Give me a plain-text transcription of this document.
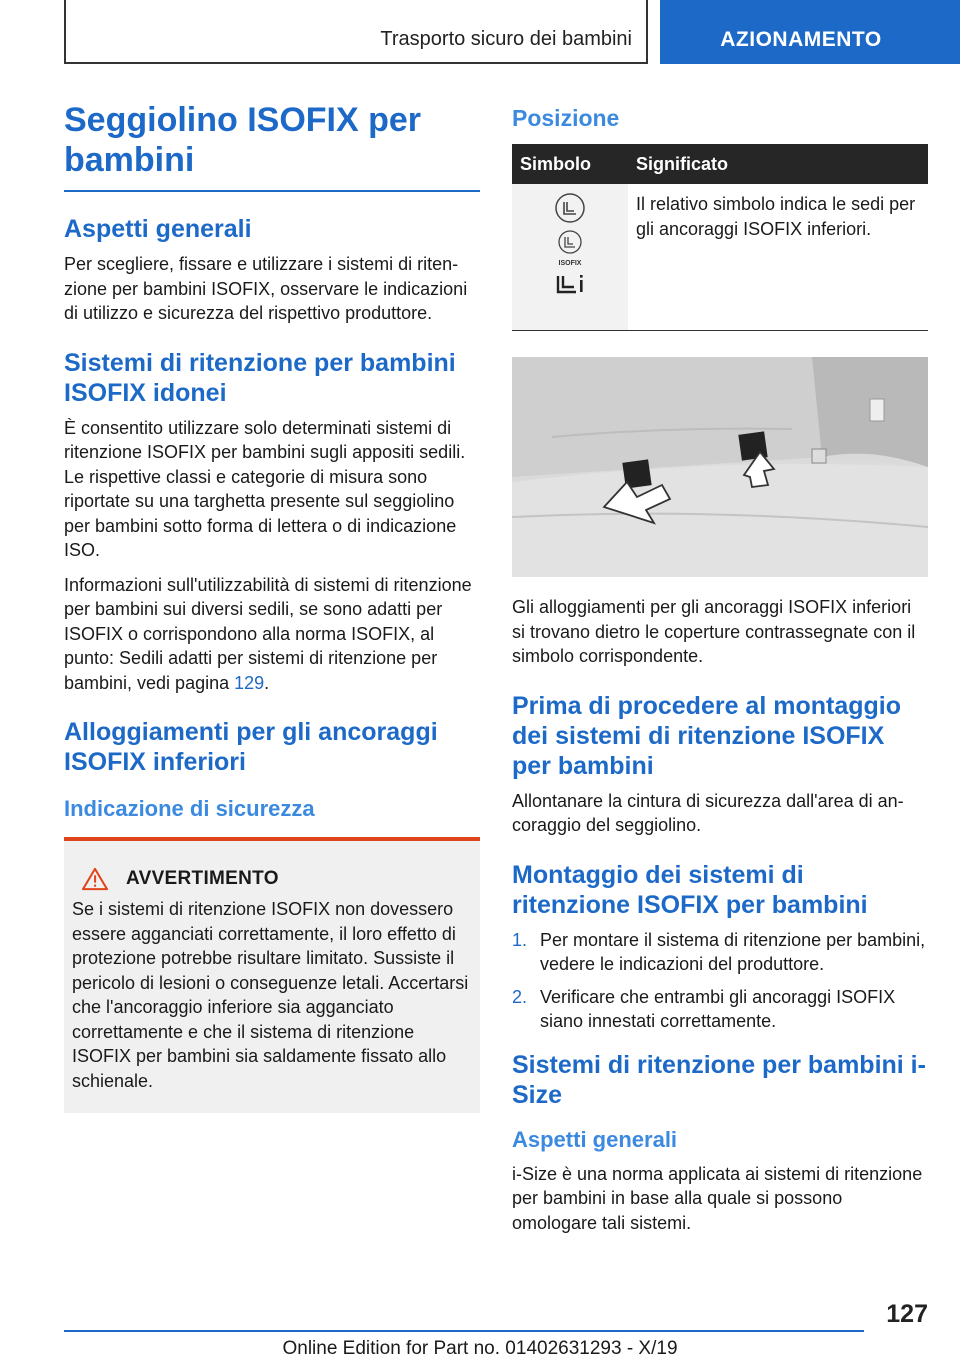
Trasporto sicuro dei bambini	AZIONAMENTO
Seggiolino ISOFIX per bambini
Aspetti generali

Per scegliere, fissare e utilizzare i sistemi di ritenzione per bambini ISOFIX, osservare le indicazioni di utilizzo e sicurezza del rispettivo produttore.

Sistemi di ritenzione per bambini ISOFIX idonei

È consentito utilizzare solo determinati sistemi di ritenzione ISOFIX per bambini sugli appositi sedili. Le rispettive classi e categorie di misura sono riportate su una targhetta presente sul seggiolino per bambini sotto forma di lettera o di indicazione ISO.

Informazioni sull'utilizzabilità di sistemi di ritenzione per bambini sui diversi sedili, se sono adatti per ISOFIX o corrispondono alla norma ISOFIX, al punto: Sedili adatti per sistemi di ritenzione per bambini, vedi pagina 129.

Alloggiamenti per gli ancoraggi ISOFIX inferiori
Indicazione di sicurezza
AVVERTIMENTO

Se i sistemi di ritenzione ISOFIX non dovessero essere agganciati correttamente, il loro effetto di protezione potrebbe risultare limitato. Sussiste il pericolo di lesioni o conseguenze letali. Accertarsi che l'ancoraggio inferiore sia agganciato correttamente e che il sistema di ritenzione ISOFIX per bambini sia saldamente fissato allo schienale.

Posizione
Simbolo	Significato

ISOFIX	Il relativo simbolo indica le sedi per gli ancoraggi ISOFIX inferiori.

Gli alloggiamenti per gli ancoraggi ISOFIX inferiori si trovano dietro le coperture contrassegnate con il simbolo corrispondente.

Prima di procedere al montaggio dei sistemi di ritenzione ISOFIX per bambini

Allontanare la cintura di sicurezza dall'area di ancoraggio del seggiolino.

Montaggio dei sistemi di ritenzione ISOFIX per bambini
1. Per montare il sistema di ritenzione per bambini, vedere le indicazioni del produttore.
2. Verificare che entrambi gli ancoraggi ISOFIX siano innestati correttamente.
Sistemi di ritenzione per bambini i-Size
Aspetti generali

i-Size è una norma applicata ai sistemi di ritenzione per bambini in base alla quale si possono omologare tali sistemi.

127
Online Edition for Part no. 01402631293 - X/19
